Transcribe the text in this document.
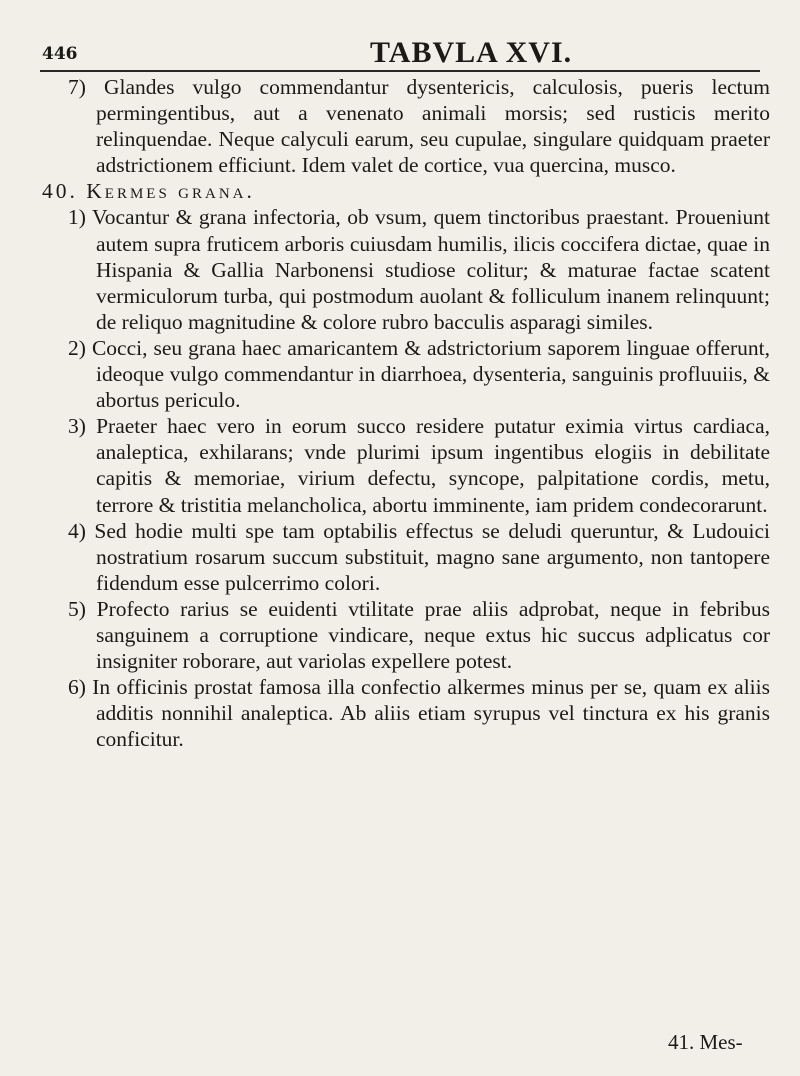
446	TABVLA XVI.

7) Glandes vulgo commendantur dysentericis, calculosis, pueris lectum permingentibus, aut a venenato animali morsis; sed rusticis merito relinquendae. Neque calyculi earum, seu cupulae, singulare quidquam praeter adstrictionem efficiunt. Idem valet de cortice, vua quercina, musco.

40. Kermes grana.

1) Vocantur & grana infectoria, ob vsum, quem tinctoribus praestant. Proueniunt autem supra fruticem arboris cuiusdam humilis, ilicis coccifera dictae, quae in Hispania & Gallia Narbonensi studiose colitur; & maturae factae scatent vermiculorum turba, qui postmodum auolant & folliculum inanem relinquunt; de reliquo magnitudine & colore rubro bacculis asparagi similes.

2) Cocci, seu grana haec amaricantem & adstrictorium saporem linguae offerunt, ideoque vulgo commendantur in diarrhoea, dysenteria, sanguinis profluuiis, & abortus periculo.

3) Praeter haec vero in eorum succo residere putatur eximia virtus cardiaca, analeptica, exhilarans; vnde plurimi ipsum ingentibus elogiis in debilitate capitis & memoriae, virium defectu, syncope, palpitatione cordis, metu, terrore & tristitia melancholica, abortu imminente, iam pridem condecorarunt.

4) Sed hodie multi spe tam optabilis effectus se deludi queruntur, & Ludouici nostratium rosarum succum substituit, magno sane argumento, non tantopere fidendum esse pulcerrimo colori.

5) Profecto rarius se euidenti vtilitate prae aliis adprobat, neque in febribus sanguinem a corruptione vindicare, neque extus hic succus adplicatus cor insigniter roborare, aut variolas expellere potest.

6) In officinis prostat famosa illa confectio alkermes minus per se, quam ex aliis additis nonnihil analeptica. Ab aliis etiam syrupus vel tinctura ex his granis conficitur.

41. Mes-
